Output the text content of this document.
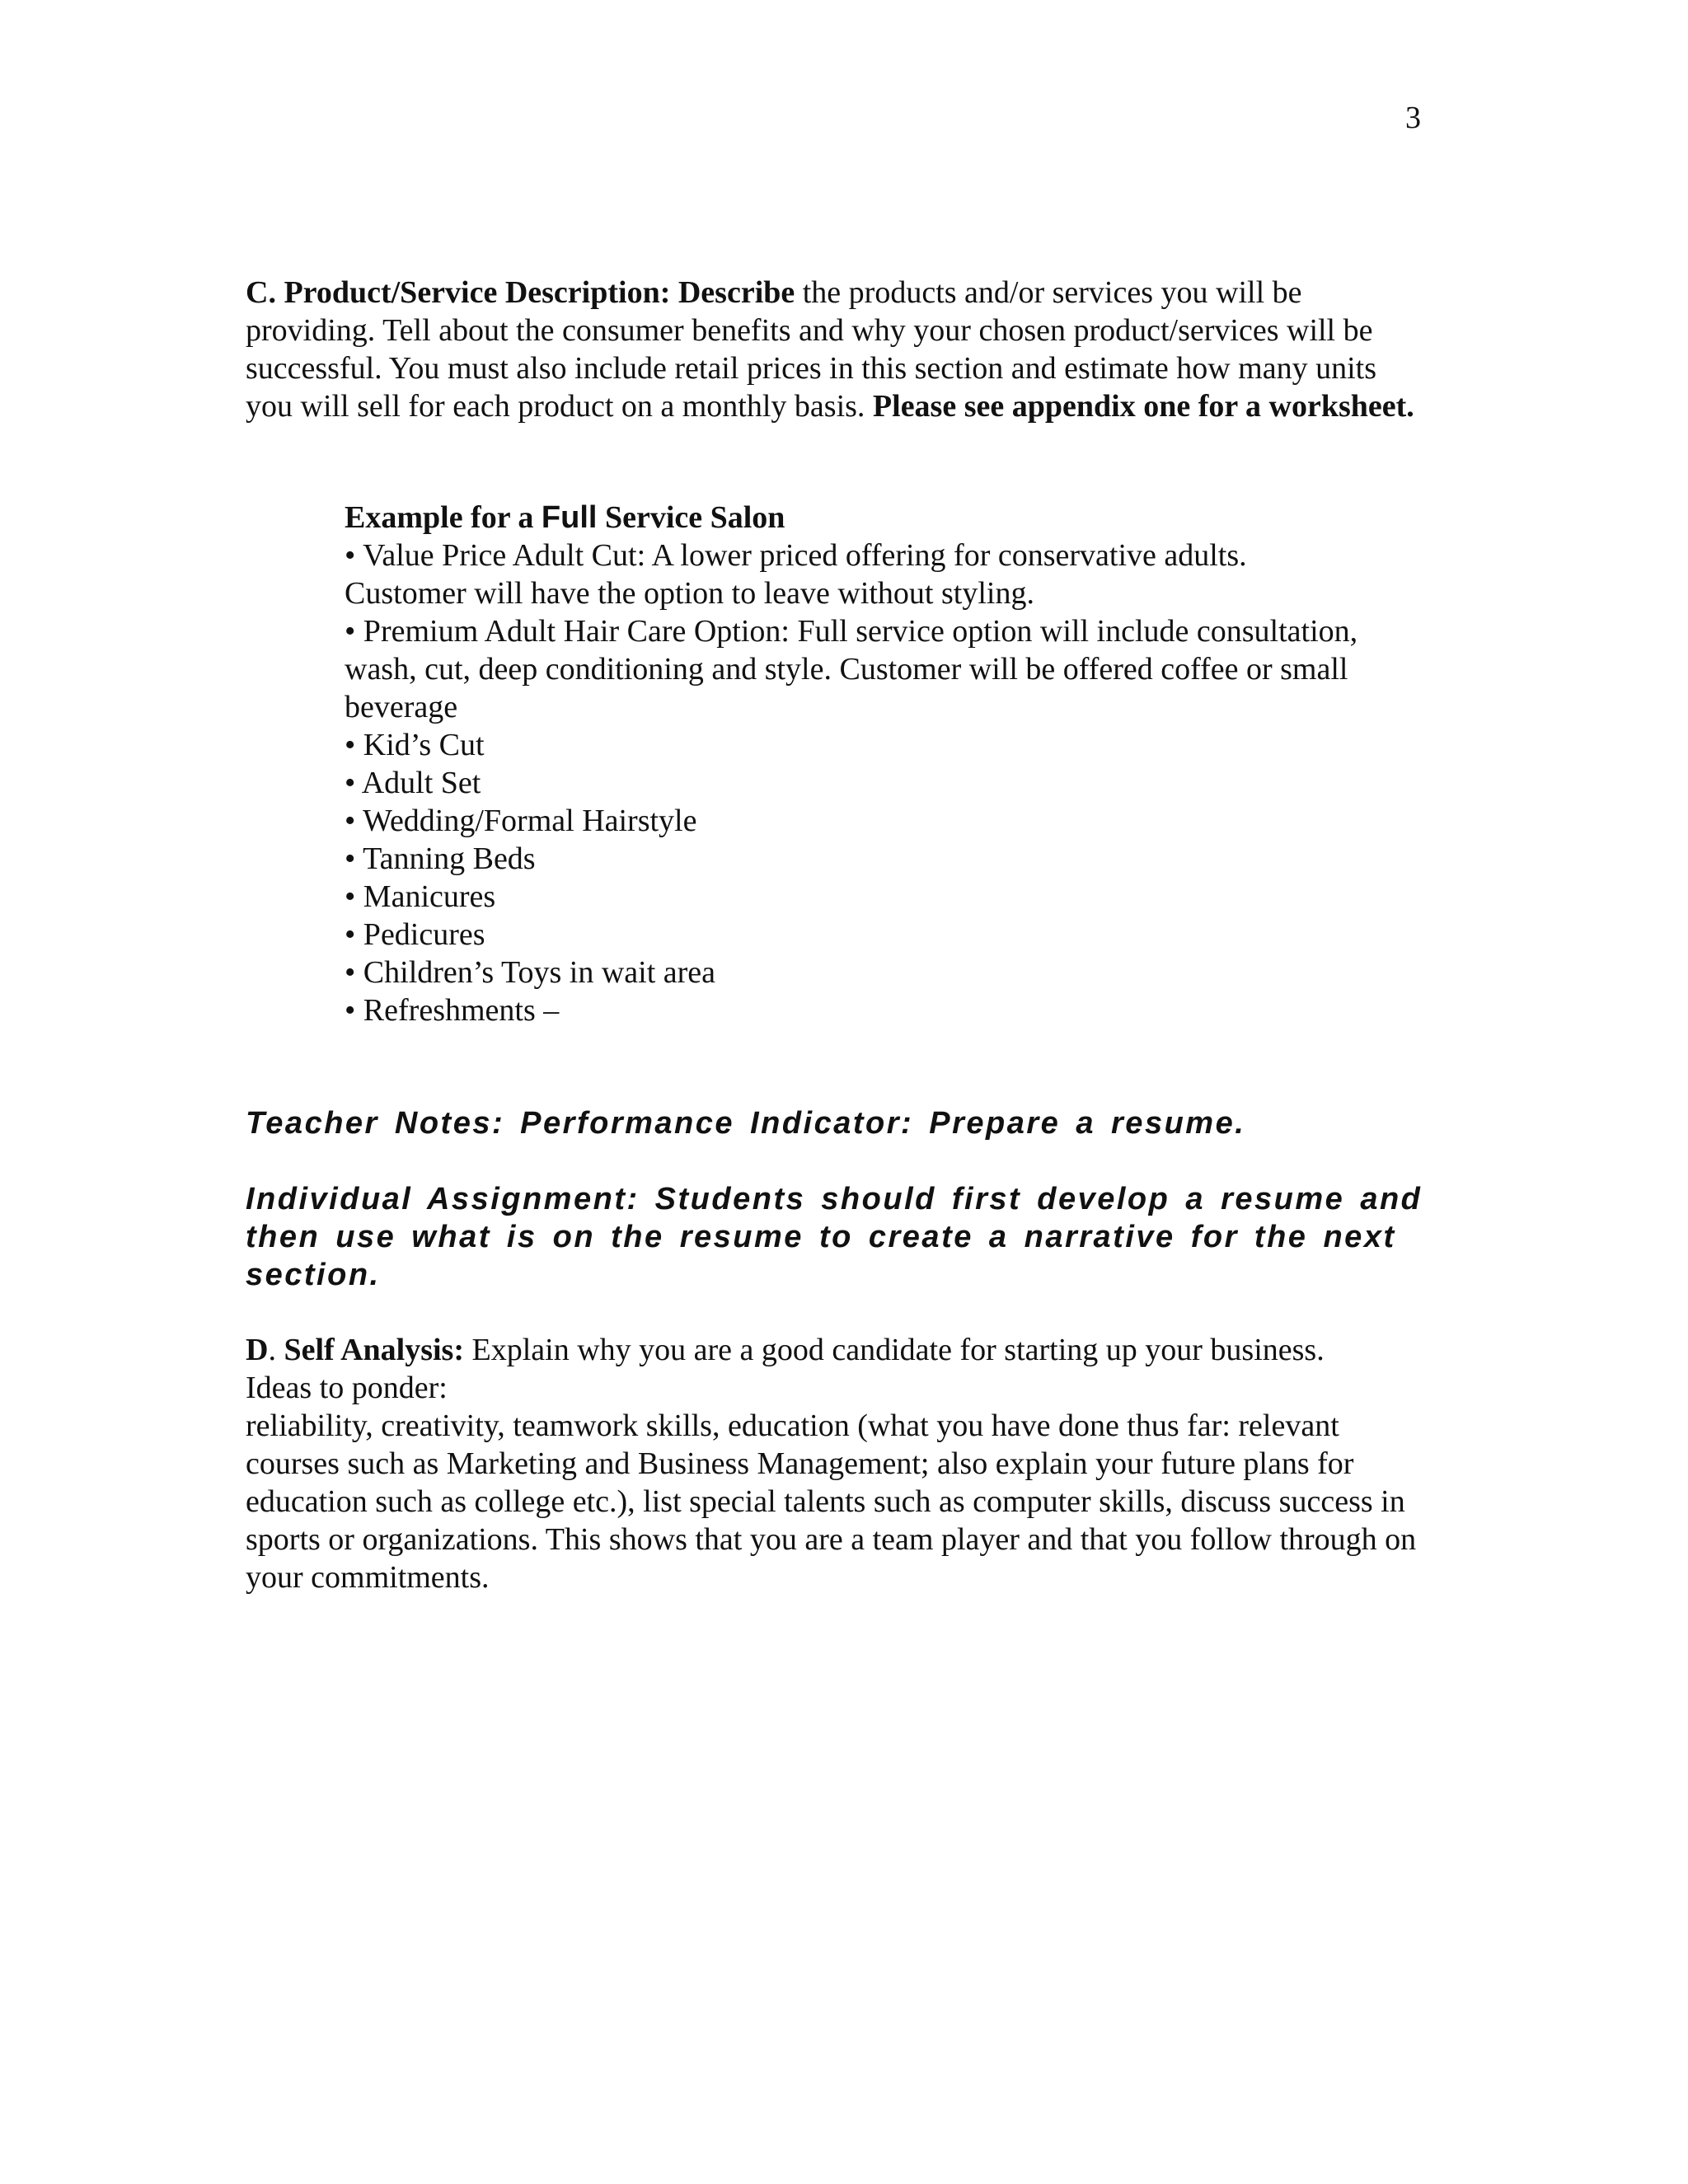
3
C. Product/Service Description: Describe the products and/or services you will be providing. Tell about the consumer benefits and why your chosen product/services will be successful. You must also include retail prices in this section and estimate how many units you will sell for each product on a monthly basis. Please see appendix one for a worksheet.
Example for a Full Service Salon
• Value Price Adult Cut: A lower priced offering for conservative adults.
Customer will have the option to leave without styling.
• Premium Adult Hair Care Option: Full service option will include consultation, wash, cut, deep conditioning and style. Customer will be offered coffee or small beverage
• Kid’s Cut
• Adult Set
• Wedding/Formal Hairstyle
• Tanning Beds
• Manicures
• Pedicures
• Children’s Toys in wait area
• Refreshments –
Teacher Notes: Performance Indicator: Prepare a resume.
Individual Assignment: Students should first develop a resume and then use what is on the resume to create a narrative for the next section.
D. Self Analysis: Explain why you are a good candidate for starting up your business.
Ideas to ponder:
reliability, creativity, teamwork skills, education (what you have done thus far: relevant courses such as Marketing and Business Management; also explain your future plans for education such as college etc.), list special talents such as computer skills, discuss success in sports or organizations. This shows that you are a team player and that you follow through on your commitments.
